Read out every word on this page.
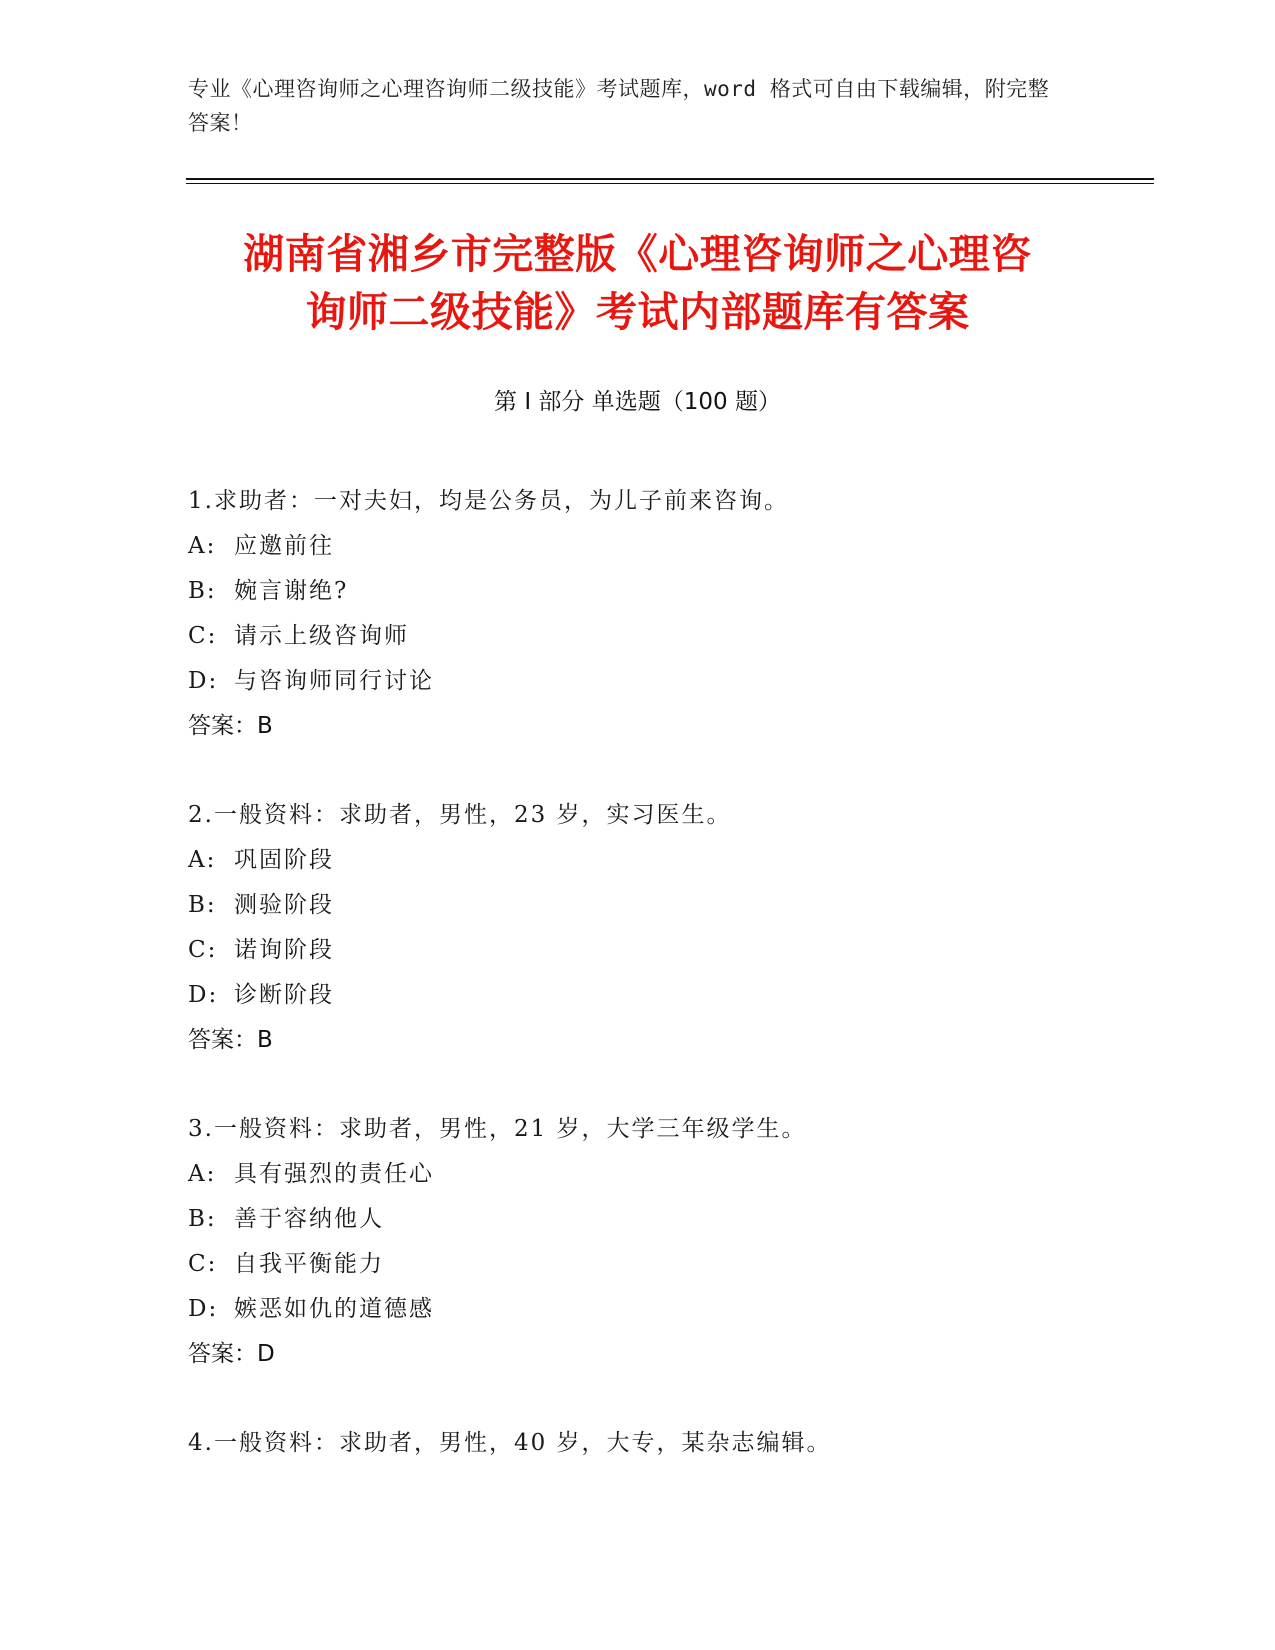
专业《心理咨询师之心理咨询师二级技能》考试题库，word 格式可自由下载编辑，附完整答案！
湖南省湘乡市完整版《心理咨询师之心理咨
询师二级技能》考试内部题库有答案
第 I 部分 单选题（100 题）
1.求助者：一对夫妇，均是公务员，为儿子前来咨询。
A: 应邀前往
B: 婉言谢绝?
C: 请示上级咨询师
D: 与咨询师同行讨论
答案：B
2.一般资料：求助者，男性，23 岁，实习医生。
A: 巩固阶段
B: 测验阶段
C: 诺询阶段
D: 诊断阶段
答案：B
3.一般资料：求助者，男性，21 岁，大学三年级学生。
A: 具有强烈的责任心
B: 善于容纳他人
C: 自我平衡能力
D: 嫉恶如仇的道德感
答案：D
4.一般资料：求助者，男性，40 岁，大专，某杂志编辑。
